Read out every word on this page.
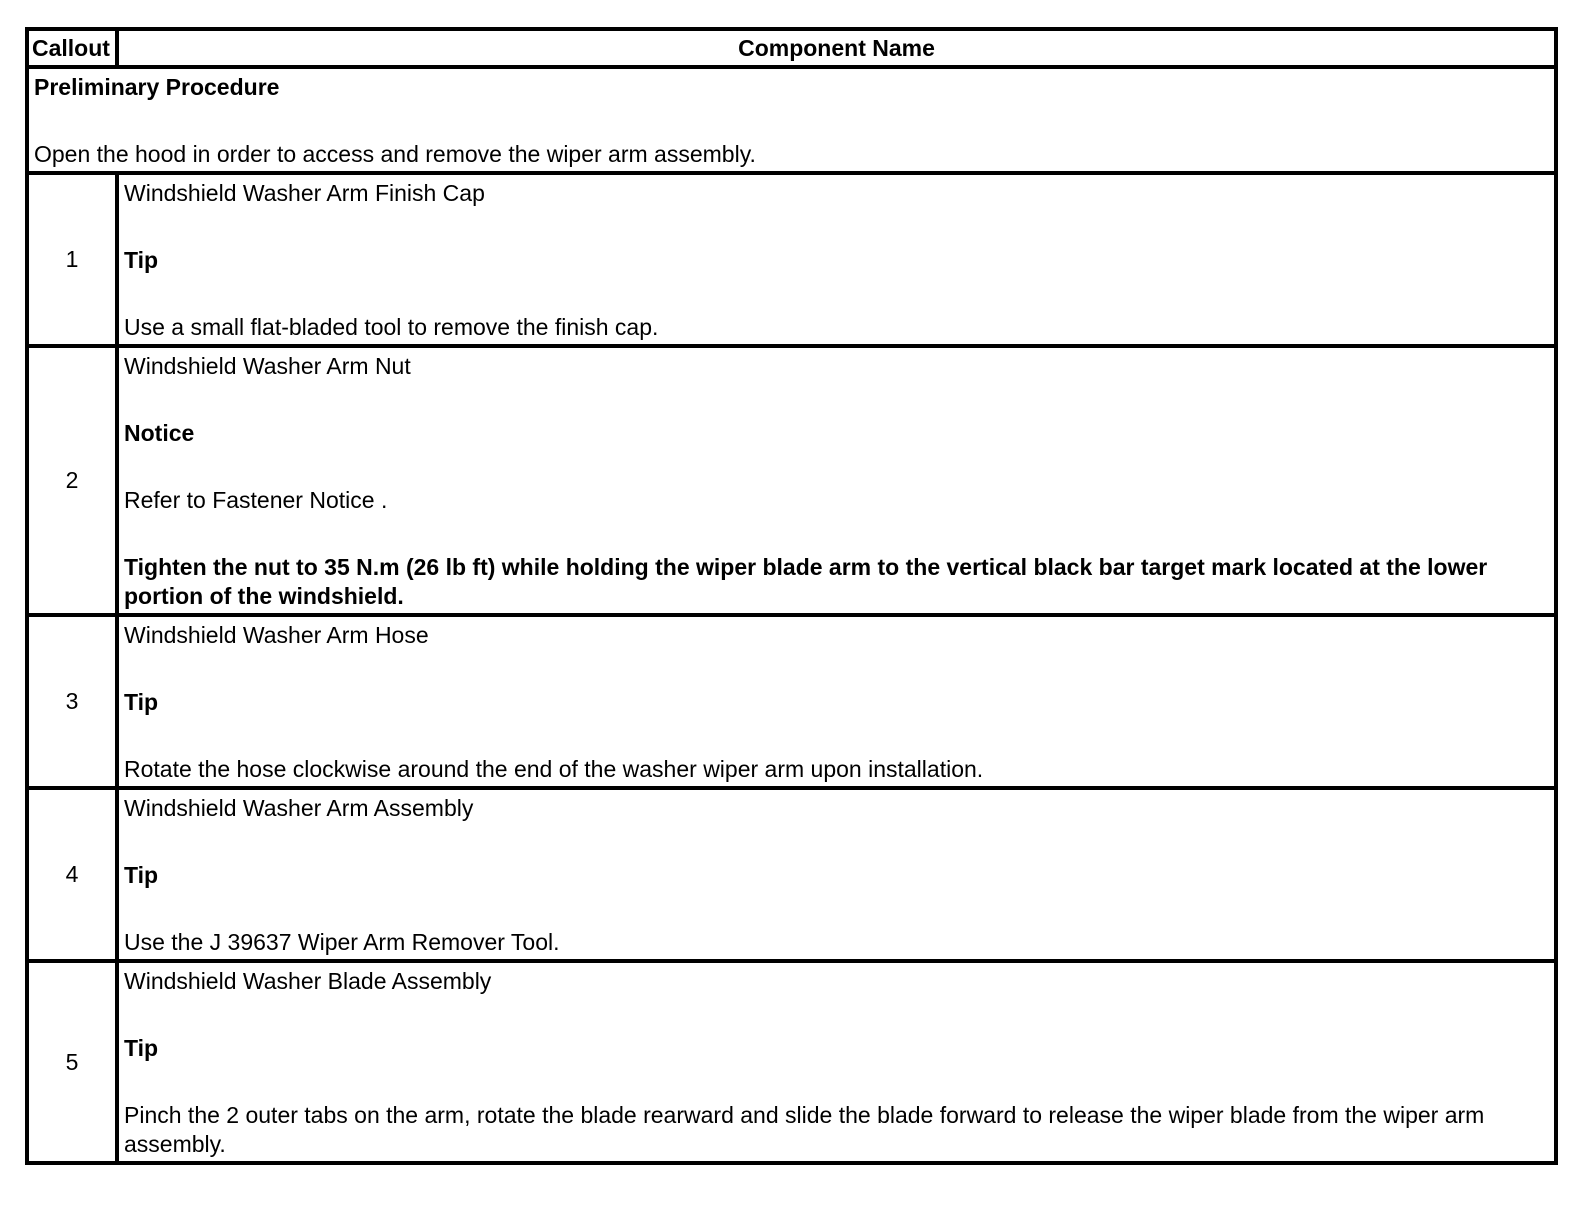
Callout	Component Name

Preliminary Procedure
Open the hood in order to access and remove the wiper arm assembly.	

1	Windshield Washer Arm Finish Cap
Tip
Use a small flat-bladed tool to remove the finish cap.

2	Windshield Washer Arm Nut
Notice
Refer to Fastener Notice .
Tighten the nut to 35 N.m (26 lb ft) while holding the wiper blade arm to the vertical black bar target mark located at the lower portion of the windshield.

3	Windshield Washer Arm Hose
Tip
Rotate the hose clockwise around the end of the washer wiper arm upon installation.

4	Windshield Washer Arm Assembly
Tip
Use the J 39637 Wiper Arm Remover Tool.

5	Windshield Washer Blade Assembly
Tip
Pinch the 2 outer tabs on the arm, rotate the blade rearward and slide the blade forward to release the wiper blade from the wiper arm assembly.
